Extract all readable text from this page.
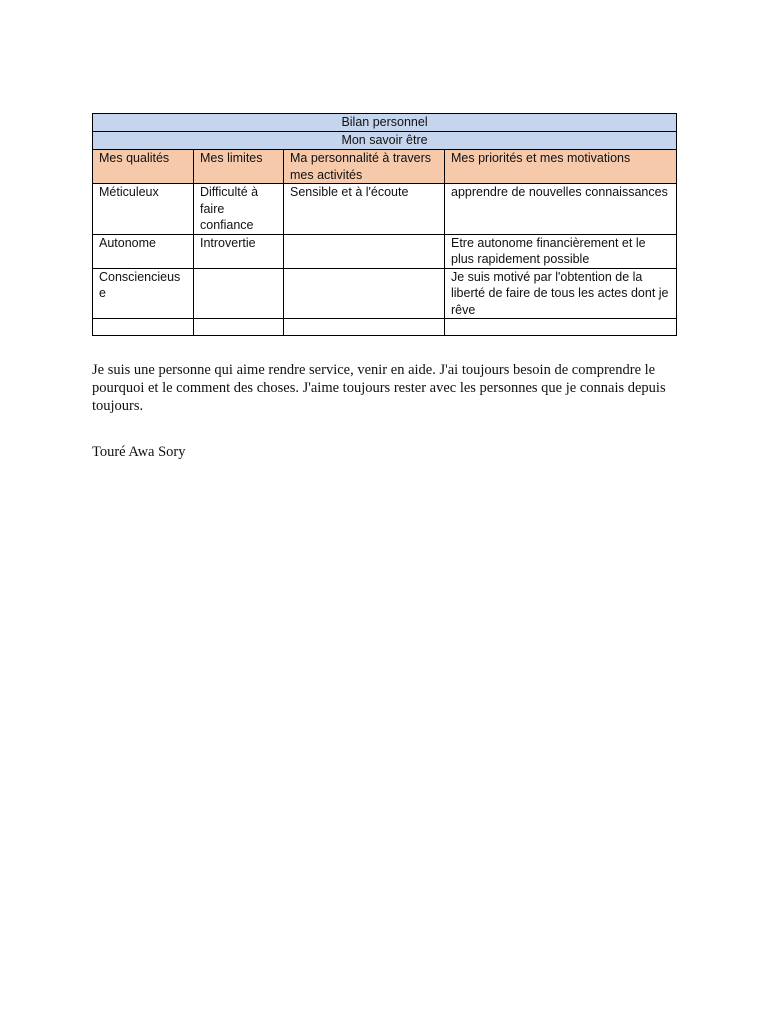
Bilan personnel			
Mon savoir être			
Mes qualités	Mes limites	Ma personnalité à travers mes activités	Mes priorités et mes motivations
Méticuleux	Difficulté à faire confiance	Sensible et à l'écoute	apprendre de nouvelles connaissances
Autonome	Introvertie		Etre autonome financièrement et le plus rapidement possible
Consciencieuse			Je suis motivé par l'obtention de la liberté de faire de tous les actes dont je rêve

Je suis une personne qui aime rendre service, venir en aide. J'ai toujours besoin de comprendre le pourquoi et le comment des choses. J'aime toujours rester avec les personnes que je connais depuis toujours.

Touré Awa Sory
